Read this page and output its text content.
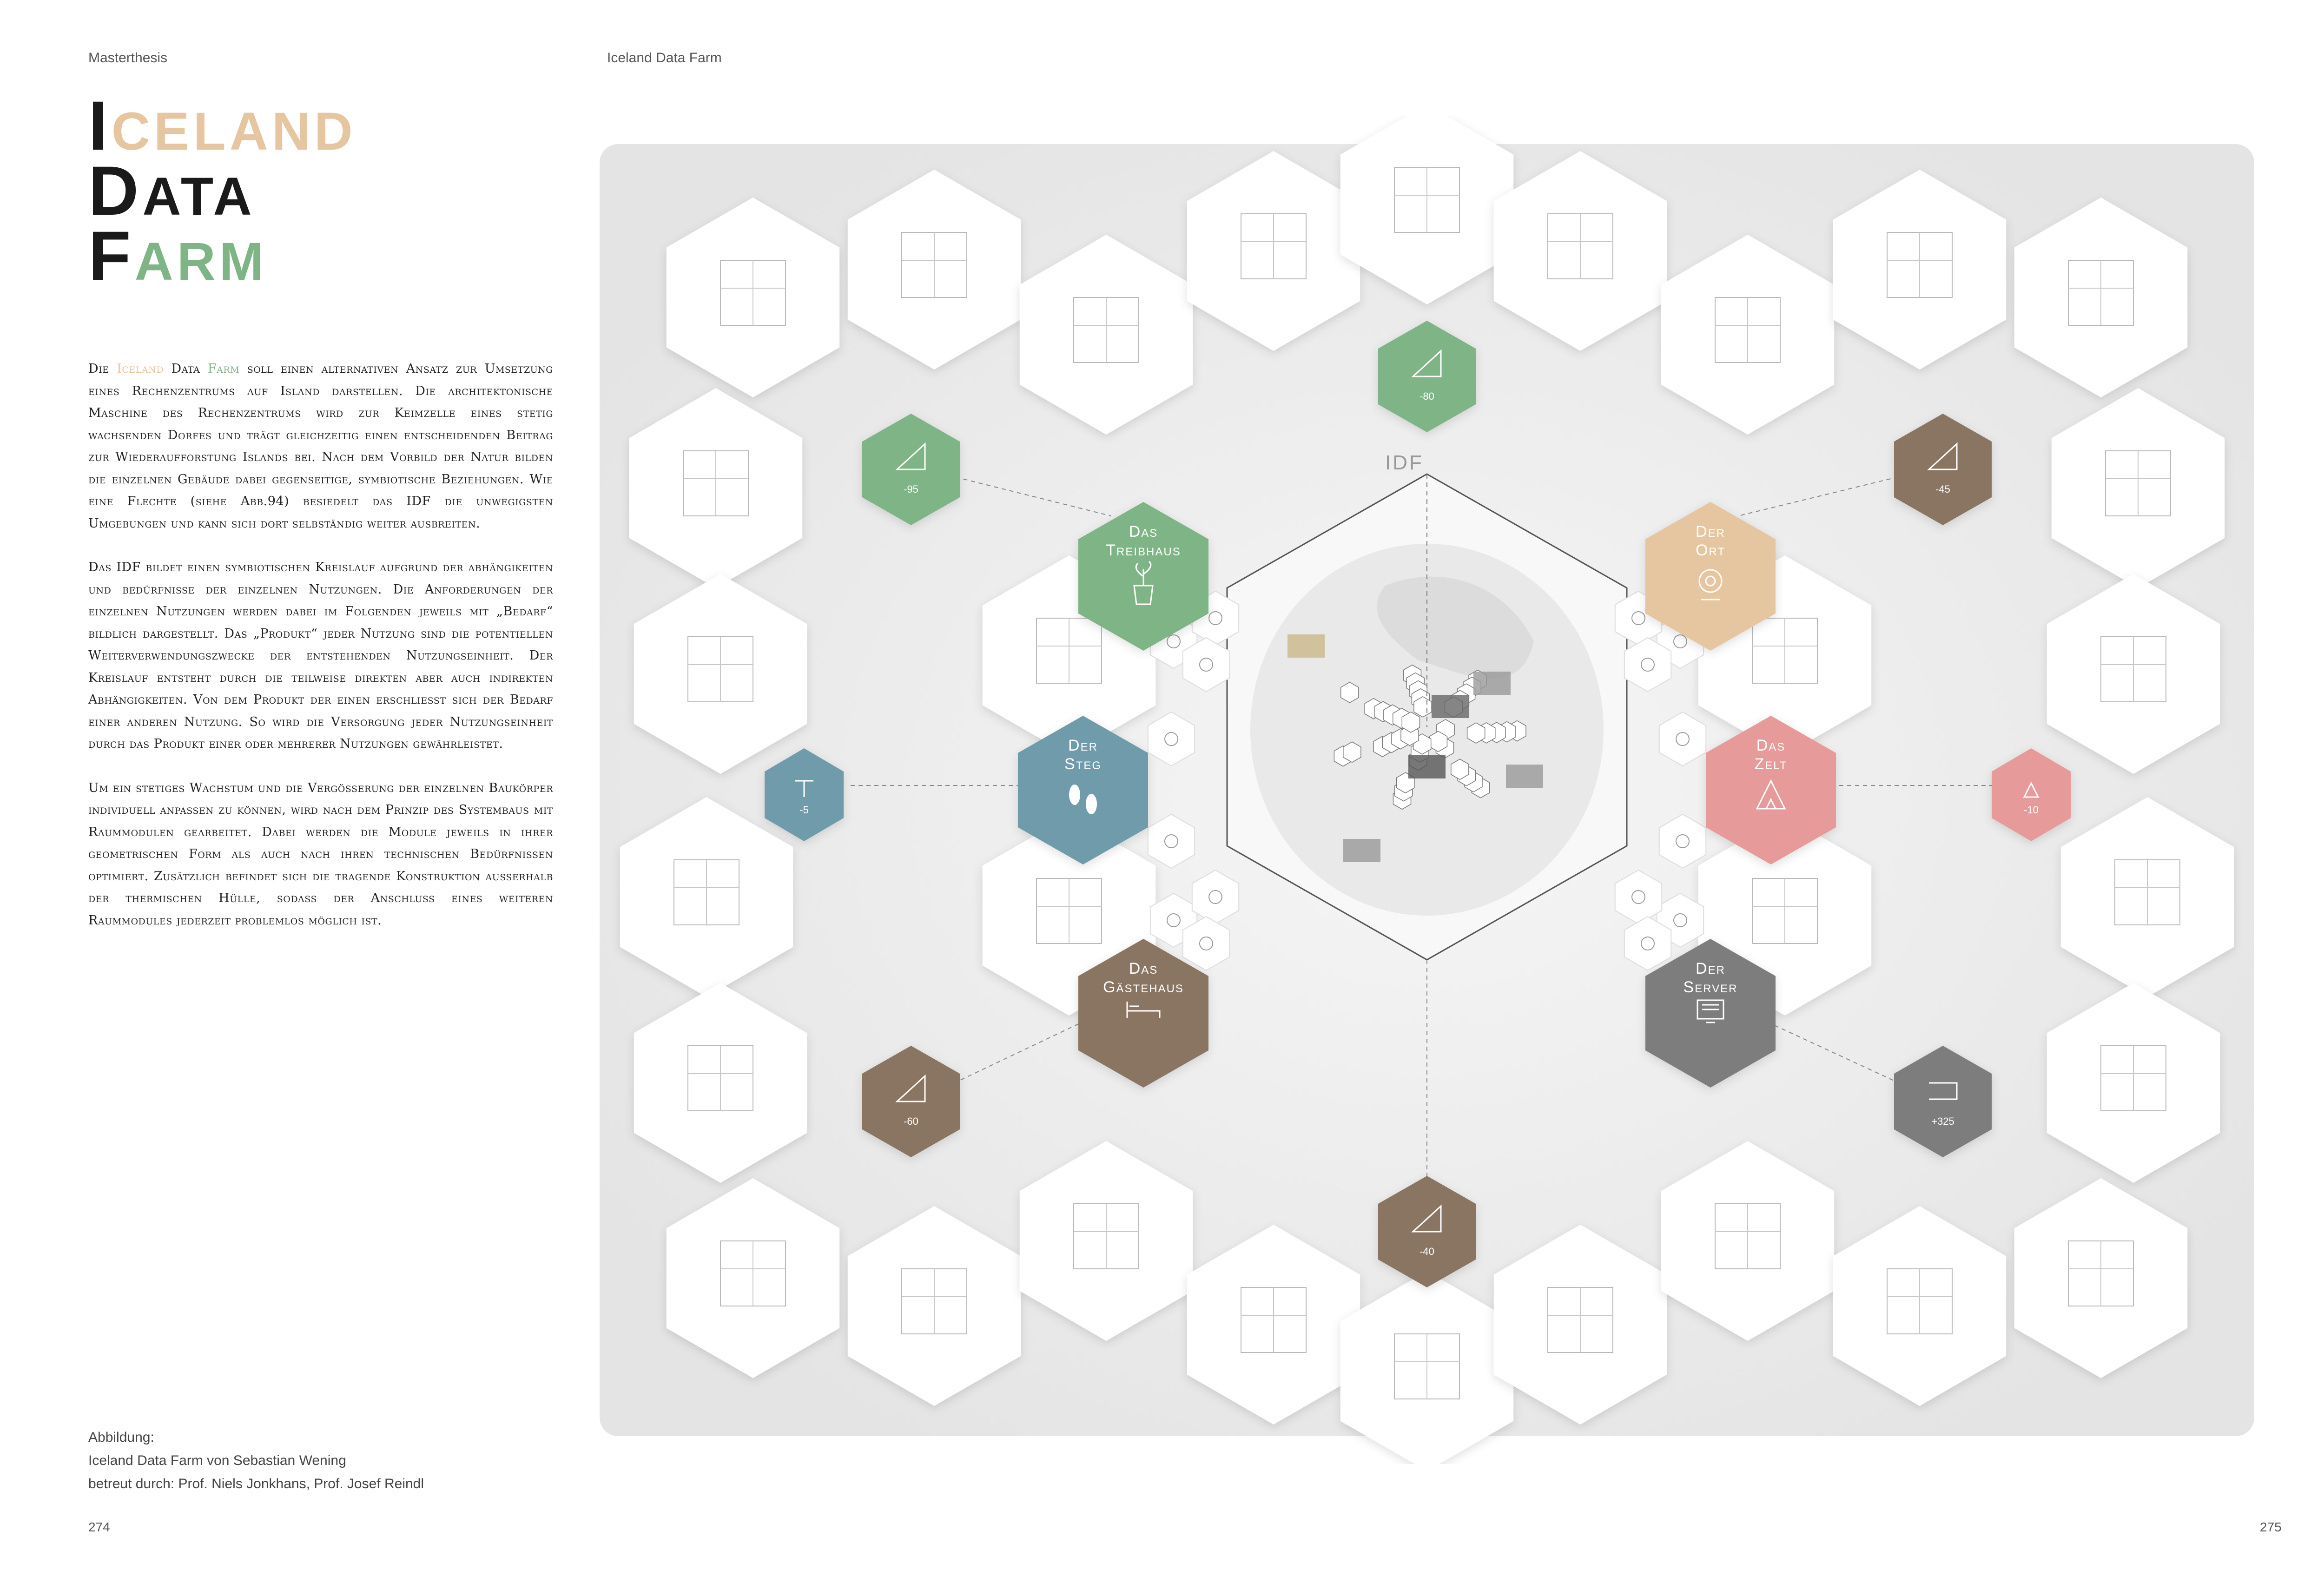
Masterthesis	Iceland Data Farm
ICELAND
DATA
FARM

Die Iceland Data Farm soll einen alternativen Ansatz zur Umsetzung eines Rechenzentrums auf Island darstellen. Die architektonische Maschine des Rechenzentrums wird zur Keimzelle eines stetig wachsenden Dorfes und trägt gleichzeitig einen entscheidenden Beitrag zur Wiederaufforstung Islands bei. Nach dem Vorbild der Natur bilden die einzelnen Gebäude dabei gegenseitige, symbiotische Beziehungen. Wie eine Flechte (siehe Abb.94) besiedelt das IDF die unwegigsten Umgebungen und kann sich dort selbständig weiter ausbreiten.

Das IDF bildet einen symbiotischen Kreislauf aufgrund der abhängikeiten und bedürfnisse der einzelnen Nutzungen. Die Anforderungen der einzelnen Nutzungen werden dabei im Folgenden jeweils mit „Bedarf“ bildlich dargestellt. Das „Produkt“ jeder Nutzung sind die potentiellen Weiterverwendungszwecke der entstehenden Nutzungseinheit. Der Kreislauf entsteht durch die teilweise direkten aber auch indirekten Abhängigkeiten. Von dem Produkt der einen erschliesst sich der Bedarf einer anderen Nutzung. So wird die Versorgung jeder Nutzungseinheit durch das Produkt einer oder mehrerer Nutzungen gewährleistet.

Um ein stetiges Wachstum und die Vergösserung der einzelnen Baukörper individuell anpassen zu können, wird nach dem Prinzip des Systembaus mit Raummodulen gearbeitet. Dabei werden die Module jeweils in ihrer geometrischen Form als auch nach ihren technischen Bedürfnissen optimiert. Zusätzlich befindet sich die tragende Konstruktion ausserhalb der thermischen Hülle, sodass der Anschluss eines weiteren Raummodules jederzeit problemlos möglich ist.

Abbildung:
Iceland Data Farm von Sebastian Wening
betreut durch: Prof. Niels Jonkhans, Prof. Josef Reindl
274	275
IDF
Das
Treibhaus
Der
Ort
Der
Steg
Das
Zelt
Das
Gästehaus
Der
Server
-95
-80
-45
-5	-10
-60
-40
+325
